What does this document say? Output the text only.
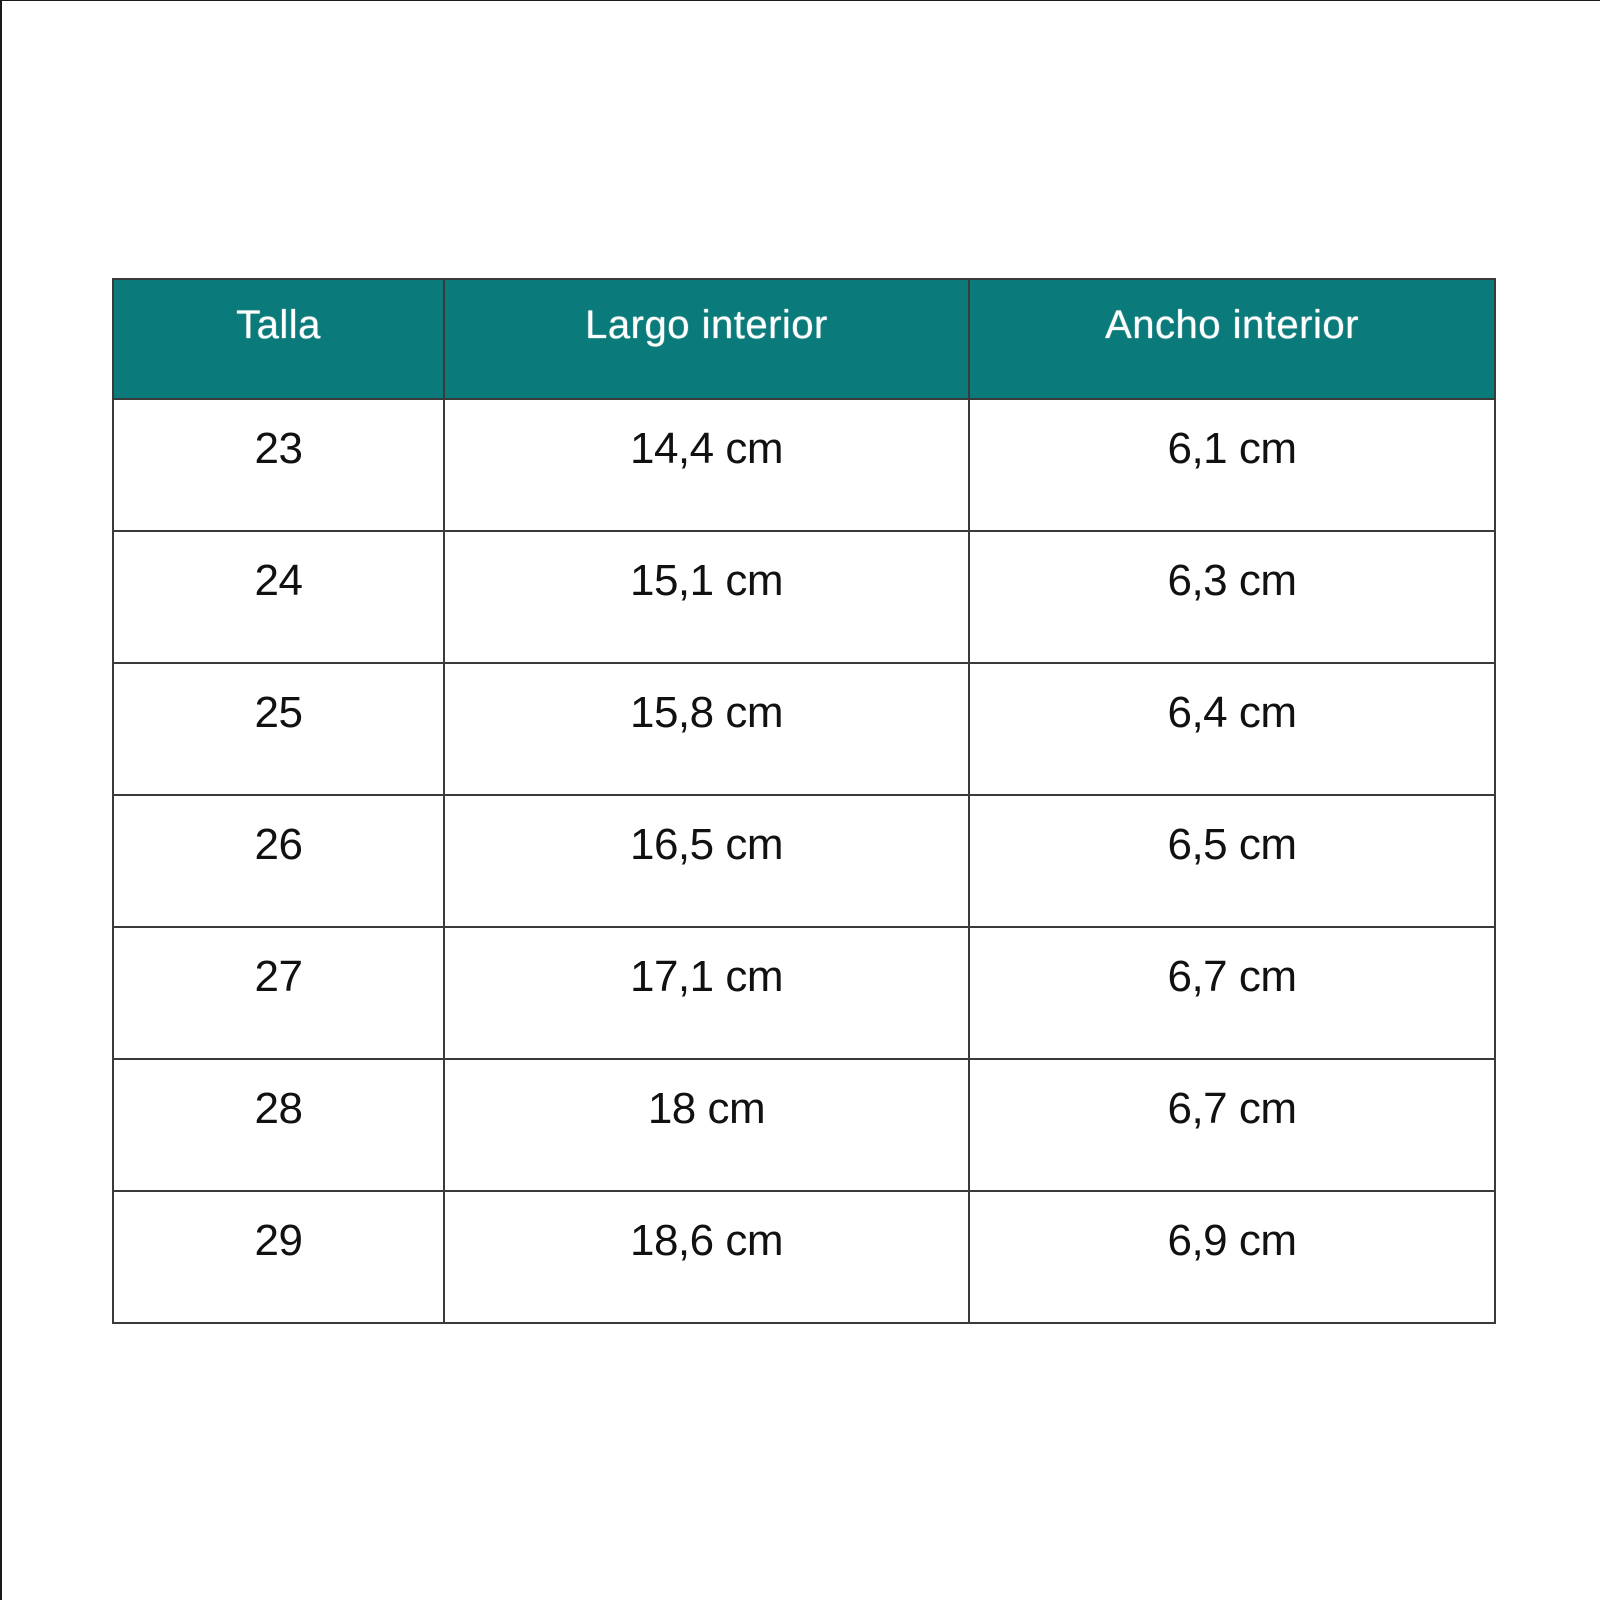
Talla	Largo interior	Ancho interior
23	14,4 cm	6,1 cm
24	15,1 cm	6,3 cm
25	15,8 cm	6,4 cm
26	16,5 cm	6,5 cm
27	17,1 cm	6,7 cm
28	18 cm	6,7 cm
29	18,6 cm	6,9 cm
